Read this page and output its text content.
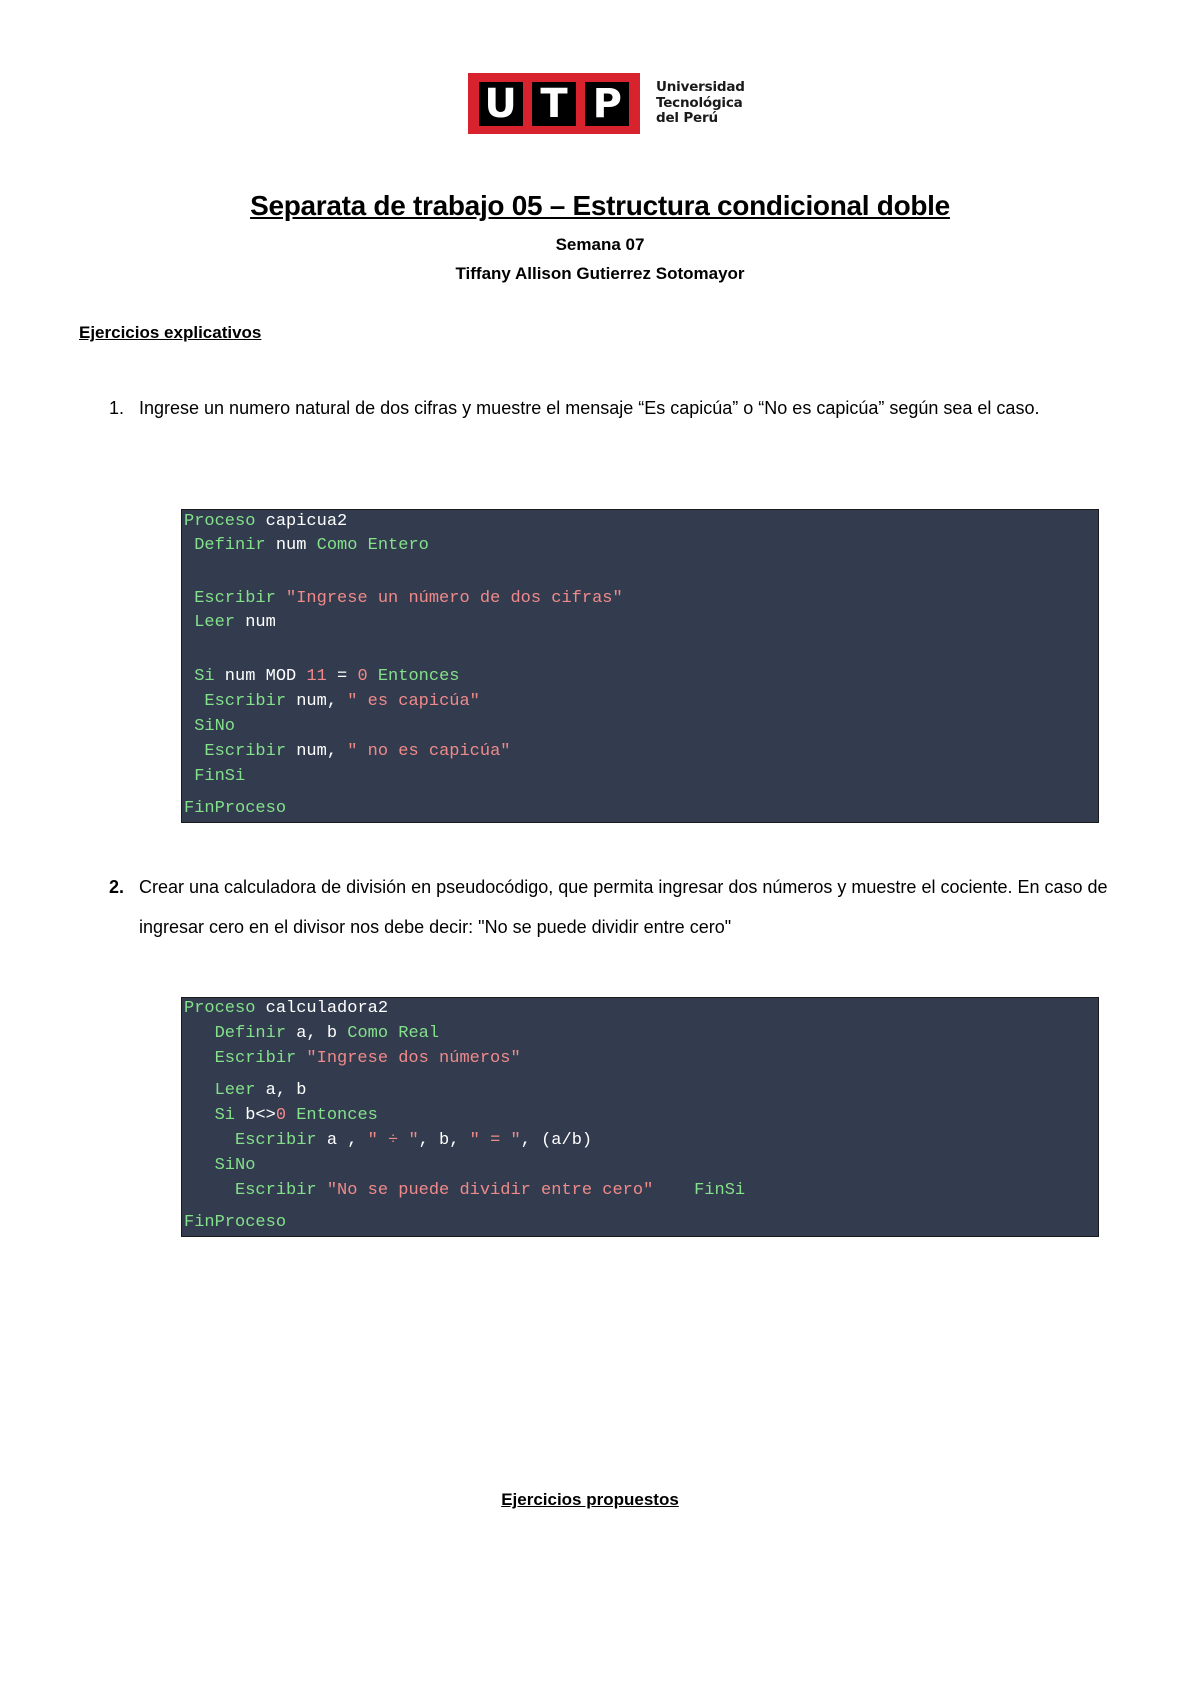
U T P	Universidad
Tecnológica
del Perú
Separata de trabajo 05 – Estructura condicional doble
Semana 07
Tiffany Allison Gutierrez Sotomayor
Ejercicios explicativos
1. Ingrese un numero natural de dos cifras y muestre el mensaje “Es capicúa” o “No es capicúa” según sea el caso.

Proceso capicua2

Definir num Como Entero

Escribir "Ingrese un número de dos cifras"

Leer num

Si num MOD 11 = 0 Entonces

Escribir num, " es capicúa"

SiNo

Escribir num, " no es capicúa"

FinSi

FinProceso

2. Crear una calculadora de división en pseudocódigo, que permita ingresar dos números y muestre el cociente. En caso de ingresar cero en el divisor nos debe decir: "No se puede dividir entre cero"

Proceso calculadora2

Definir a, b Como Real

Escribir "Ingrese dos números"

Leer a, b

Si b<>0 Entonces

Escribir a , " ÷ ", b, " = ", (a/b)

SiNo

Escribir "No se puede dividir entre cero"    FinSi

FinProceso

Ejercicios propuestos
